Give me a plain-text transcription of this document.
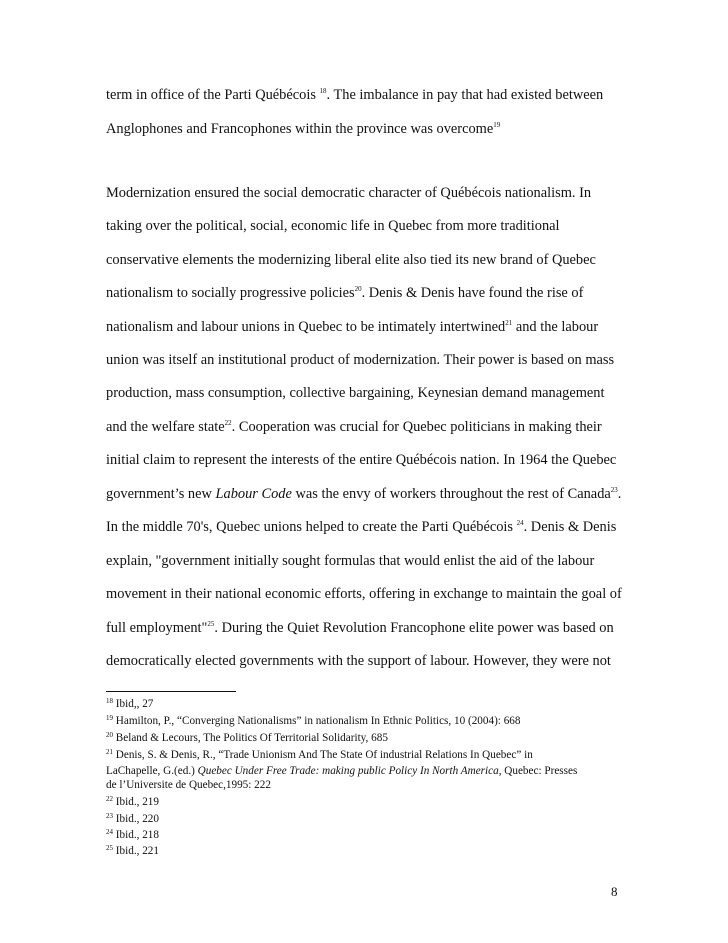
term in office of the Parti Québécois $^{18}$. The imbalance in pay that had existed between
Anglophones and Francophones within the province was overcome$^{19}$
Modernization ensured the social democratic character of Québécois nationalism. In
taking over the political, social, economic life in Quebec from more traditional
conservative elements the modernizing liberal elite also tied its new brand of Quebec
nationalism to socially progressive policies$^{20}$. Denis & Denis have found the rise of
nationalism and labour unions in Quebec to be intimately intertwined$^{21}$ and the labour
union was itself an institutional product of modernization. Their power is based on mass
production, mass consumption, collective bargaining, Keynesian demand management
and the welfare state$^{22}$. Cooperation was crucial for Quebec politicians in making their
initial claim to represent the interests of the entire Québécois nation. In 1964 the Quebec
government’s new Labour Code was the envy of workers throughout the rest of Canada$^{23}$.
In the middle 70's, Quebec unions helped to create the Parti Québécois $^{24}$. Denis & Denis
explain, "government initially sought formulas that would enlist the aid of the labour
movement in their national economic efforts, offering in exchange to maintain the goal of
full employment"$^{25}$. During the Quiet Revolution Francophone elite power was based on
democratically elected governments with the support of labour. However, they were not
$^{18}$ Ibid,, 27
$^{19}$ Hamilton, P., “Converging Nationalisms” in nationalism In Ethnic Politics, 10 (2004): 668
$^{20}$ Beland & Lecours, The Politics Of Territorial Solidarity, 685
$^{21}$ Denis, S. & Denis, R., “Trade Unionism And The State Of industrial Relations In Quebec” in
LaChapelle, G.(ed.) Quebec Under Free Trade: making public Policy In North America, Quebec: Presses
de l’Universite de Quebec,1995: 222
$^{22}$ Ibid., 219
$^{23}$ Ibid., 220
$^{24}$ Ibid., 218
$^{25}$ Ibid., 221
8
